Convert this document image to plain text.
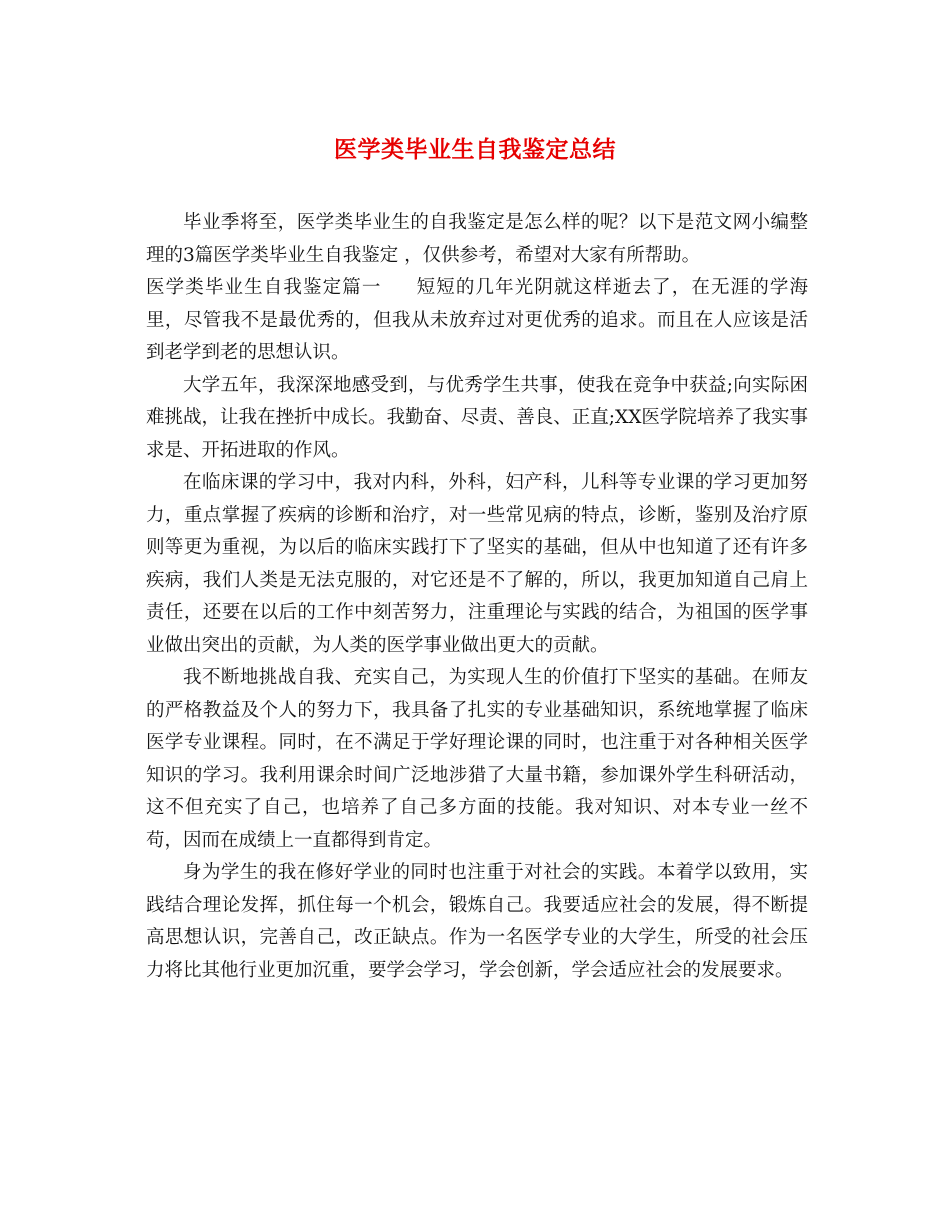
医学类毕业生自我鉴定总结

毕业季将至，医学类毕业生的自我鉴定是怎么样的呢？以下是范文网小编整理的3篇医学类毕业生自我鉴定 ，仅供参考，希望对大家有所帮助。

医学类毕业生自我鉴定篇一 短短的几年光阴就这样逝去了，在无涯的学海里，尽管我不是最优秀的，但我从未放弃过对更优秀的追求。而且在人应该是活到老学到老的思想认识。

大学五年，我深深地感受到，与优秀学生共事，使我在竞争中获益;向实际困难挑战，让我在挫折中成长。我勤奋、尽责、善良、正直;XX医学院培养了我实事求是、开拓进取的作风。

在临床课的学习中，我对内科，外科，妇产科，儿科等专业课的学习更加努力，重点掌握了疾病的诊断和治疗，对一些常见病的特点，诊断，鉴别及治疗原则等更为重视，为以后的临床实践打下了坚实的基础，但从中也知道了还有许多疾病，我们人类是无法克服的，对它还是不了解的，所以，我更加知道自己肩上责任，还要在以后的工作中刻苦努力，注重理论与实践的结合，为祖国的医学事业做出突出的贡献，为人类的医学事业做出更大的贡献。

我不断地挑战自我、充实自己，为实现人生的价值打下坚实的基础。在师友的严格教益及个人的努力下，我具备了扎实的专业基础知识，系统地掌握了临床医学专业课程。同时，在不满足于学好理论课的同时，也注重于对各种相关医学知识的学习。我利用课余时间广泛地涉猎了大量书籍，参加课外学生科研活动，这不但充实了自己，也培养了自己多方面的技能。我对知识、对本专业一丝不苟，因而在成绩上一直都得到肯定。

身为学生的我在修好学业的同时也注重于对社会的实践。本着学以致用，实践结合理论发挥，抓住每一个机会，锻炼自己。我要适应社会的发展，得不断提高思想认识，完善自己，改正缺点。作为一名医学专业的大学生，所受的社会压力将比其他行业更加沉重，要学会学习，学会创新，学会适应社会的发展要求。
